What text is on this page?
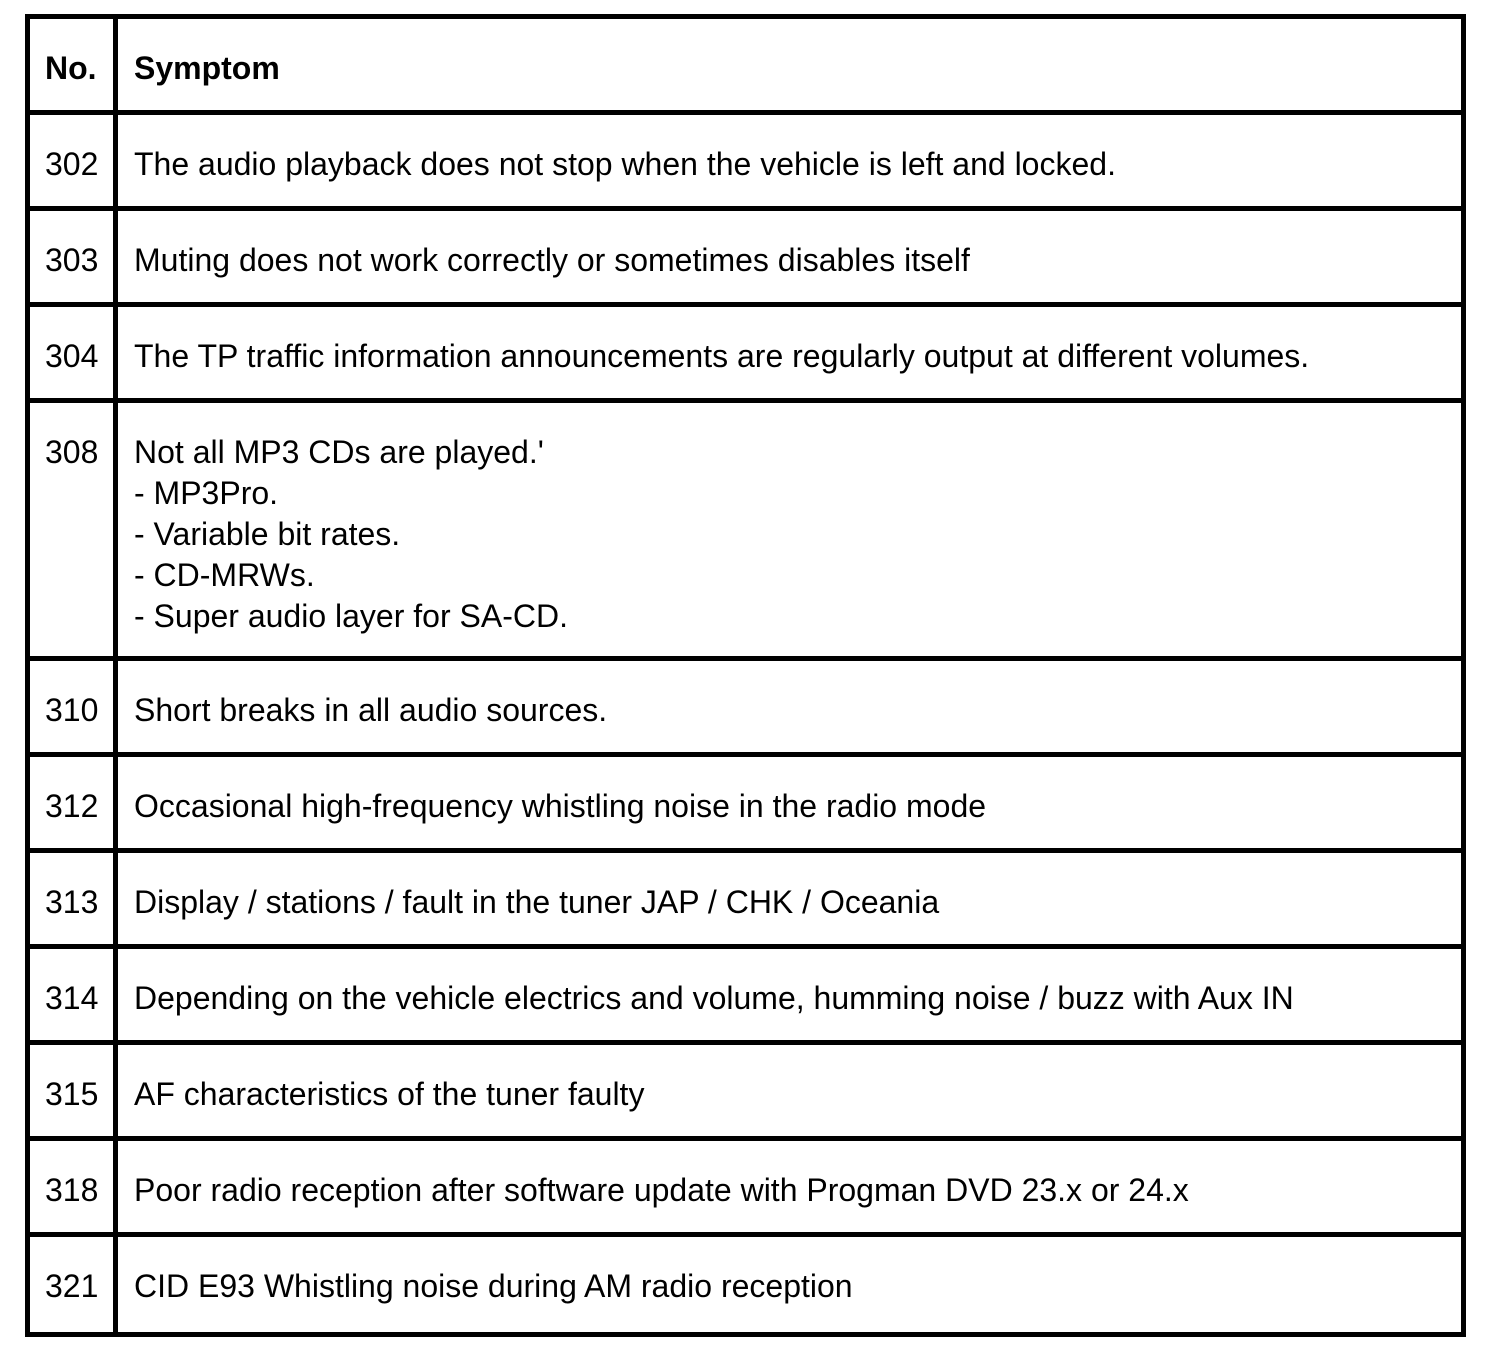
No.	Symptom
302	The audio playback does not stop when the vehicle is left and locked.
303	Muting does not work correctly or sometimes disables itself
304	The TP traffic information announcements are regularly output at different volumes.
308	Not all MP3 CDs are played.'
- MP3Pro.
- Variable bit rates.
- CD-MRWs.
- Super audio layer for SA-CD.
310	Short breaks in all audio sources.
312	Occasional high-frequency whistling noise in the radio mode
313	Display / stations / fault in the tuner JAP / CHK / Oceania
314	Depending on the vehicle electrics and volume, humming noise / buzz with Aux IN
315	AF characteristics of the tuner faulty
318	Poor radio reception after software update with Progman DVD 23.x or 24.x
321	CID E93 Whistling noise during AM radio reception
